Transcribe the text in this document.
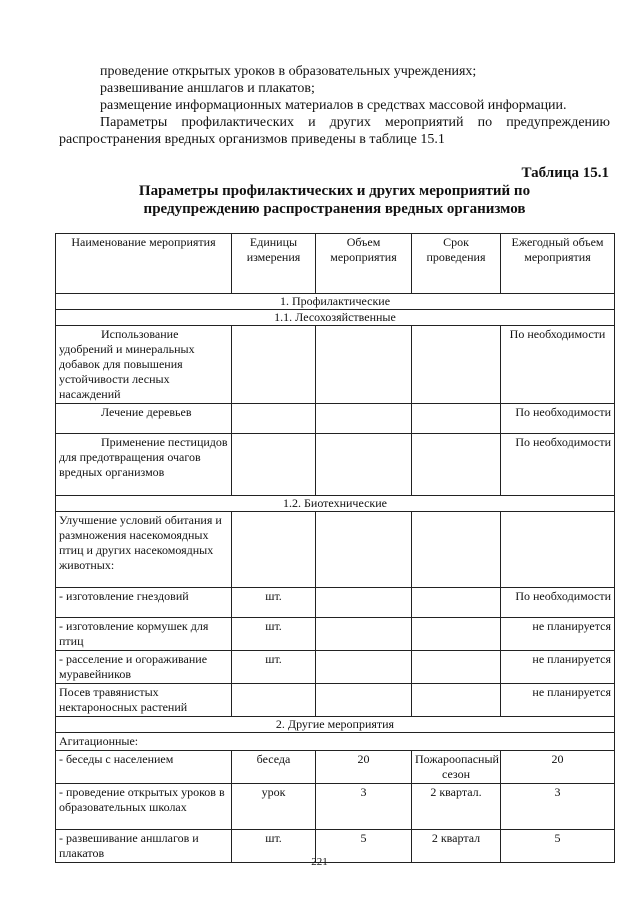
проведение открытых уроков в образовательных учреждениях;

развешивание аншлагов и плакатов;

размещение информационных материалов в средствах массовой информации.

Параметры профилактических и других мероприятий по предупреждению

распространения вредных организмов приведены в таблице 15.1

Таблица 15.1

Параметры профилактических и других мероприятий по
предупреждению распространения вредных организмов
Наименование мероприятия	Единицы измерения	Объем мероприятия	Срок проведения	Ежегодный объем мероприятия
1. Профилактические				
1.1. Лесохозяйственные				
Использование удобрений и минеральных добавок для повышения устойчивости лесных насаждений				По необходимости
Лечение деревьев				По необходимости
Применение пестицидов для предотвращения очагов вредных организмов				По необходимости
1.2. Биотехнические				
Улучшение условий обитания и размножения насекомоядных птиц и других насекомоядных животных:				
- изготовление гнездовий	шт.			По необходимости
- изготовление кормушек для птиц	шт.			не планируется
- расселение и огораживание муравейников	шт.			не планируется
Посев травянистых нектароносных растений				не планируется
2. Другие мероприятия				
Агитационные:				
- беседы с населением	беседа	20	Пожароопасный сезон	20
- проведение открытых уроков в образовательных школах	урок	3	2 квартал.	3
- развешивание аншлагов и плакатов	шт.	5	2 квартал	5

221
